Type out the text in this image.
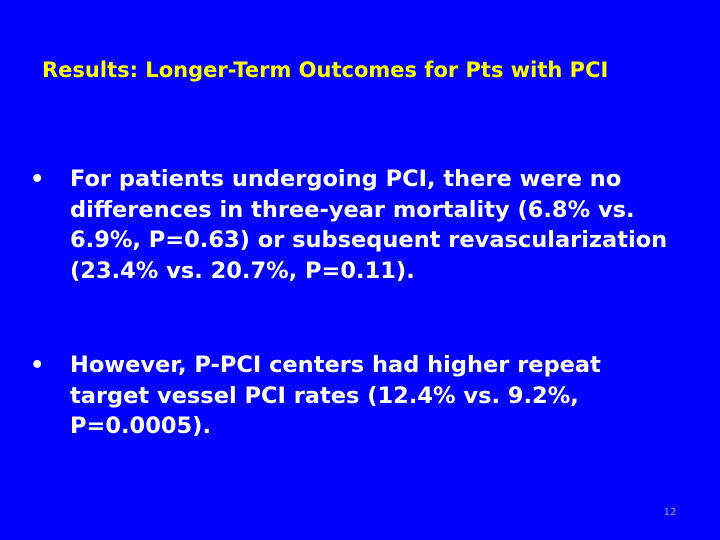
Results: Longer-Term Outcomes for Pts with PCI
•	For patients undergoing PCI, there were no differences in three-year mortality (6.8% vs. 6.9%, P=0.63) or subsequent revascularization (23.4% vs. 20.7%, P=0.11).
•	However, P-PCI centers had higher repeat target vessel PCI rates (12.4% vs. 9.2%, P=0.0005).
12
